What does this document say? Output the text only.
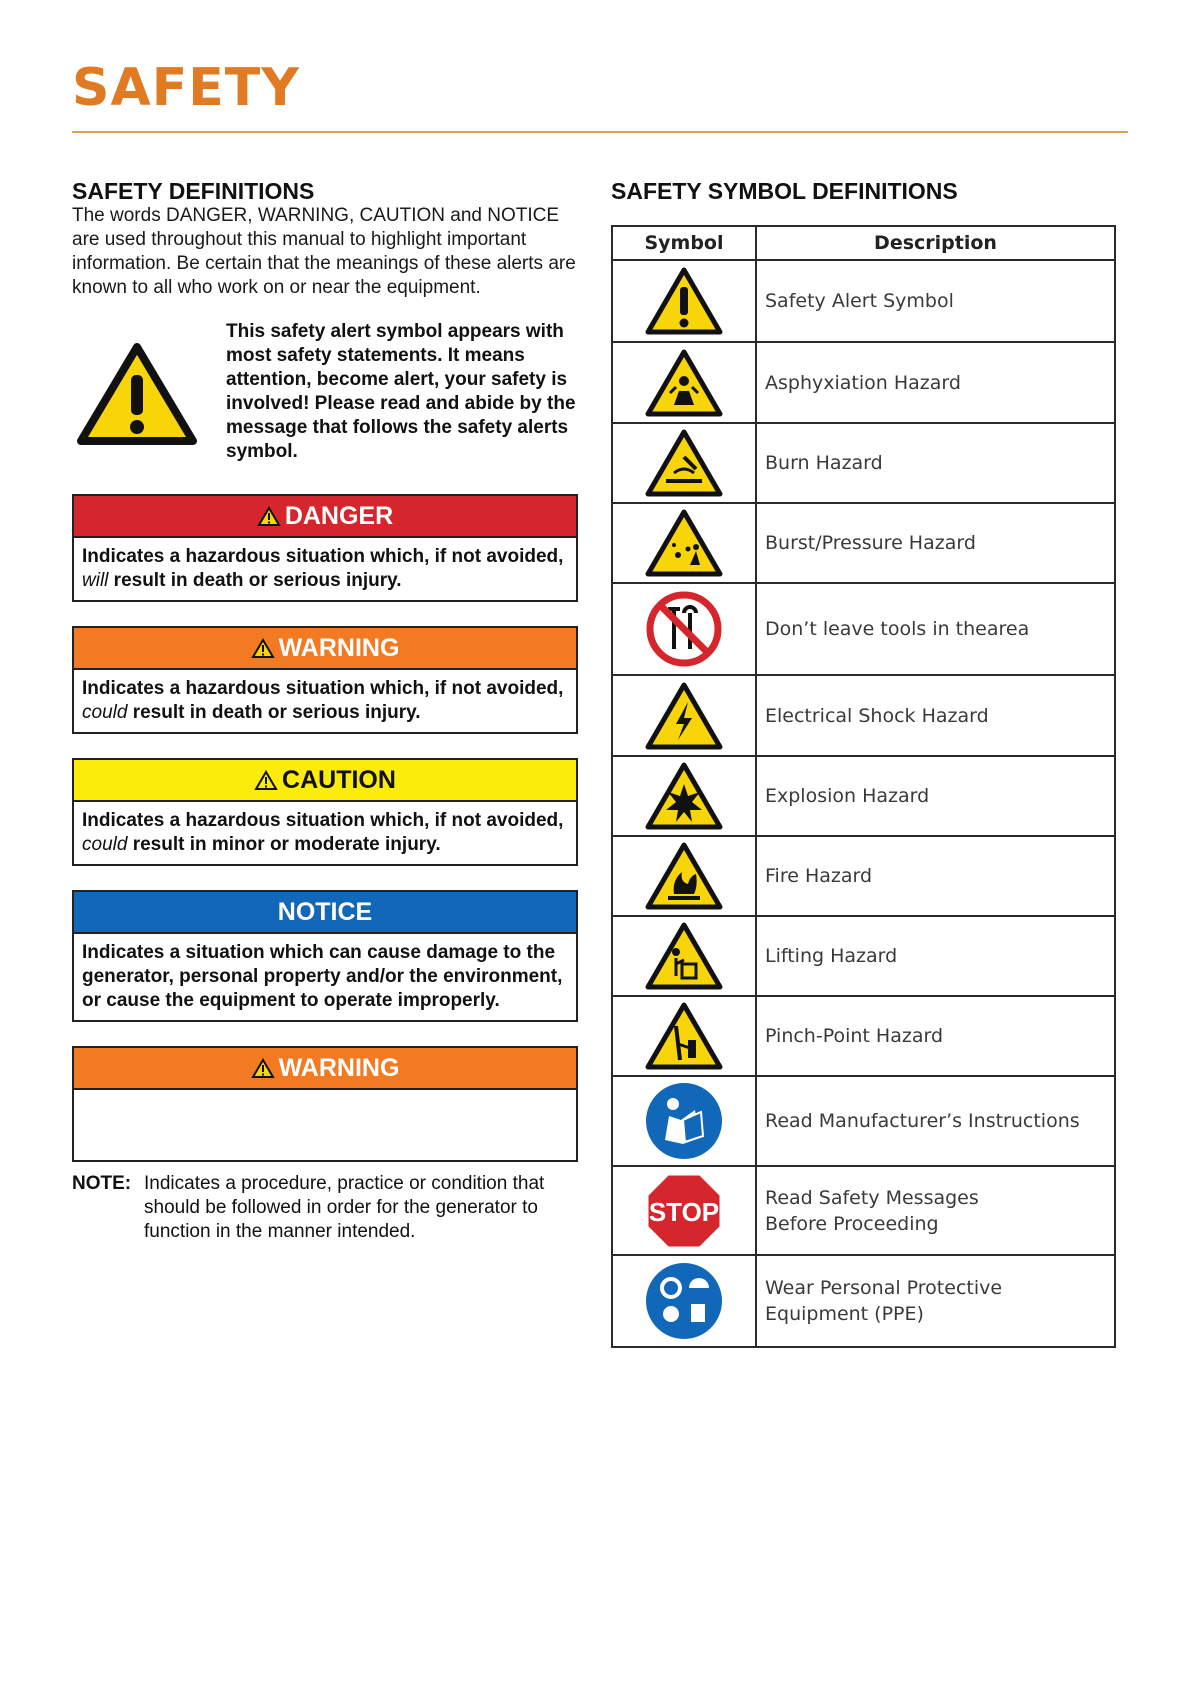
SAFETY
SAFETY DEFINITIONS

The words DANGER, WARNING, CAUTION and NOTICE are used throughout this manual to highlight important information. Be certain that the meanings of these alerts are known to all who work on or near the equipment.

This safety alert symbol appears with most safety statements. It means attention, become alert, your safety is involved! Please read and abide by the message that follows the safety alerts symbol.

DANGER
Indicates a hazardous situation which, if not avoided, will result in death or serious injury.
WARNING
Indicates a hazardous situation which, if not avoided, could result in death or serious injury.
CAUTION
Indicates a hazardous situation which, if not avoided, could result in minor or moderate injury.
NOTICE
Indicates a situation which can cause damage to the generator, personal property and/or the environment, or cause the equipment to operate improperly.
WARNING
NOTE: Indicates a procedure, practice or condition that should be followed in order for the generator to function in the manner intended.
SAFETY SYMBOL DEFINITIONS
Symbol	Description

Safety Alert Symbol

Asphyxiation Hazard

Burn Hazard

Burst/Pressure Hazard

Don’t leave tools in thearea

Electrical Shock Hazard

Explosion Hazard

Fire Hazard

Lifting Hazard

Pinch-Point Hazard

Read Manufacturer’s Instructions

STOP	Read Safety Messages
Before Proceeding

Wear Personal Protective
Equipment (PPE)
